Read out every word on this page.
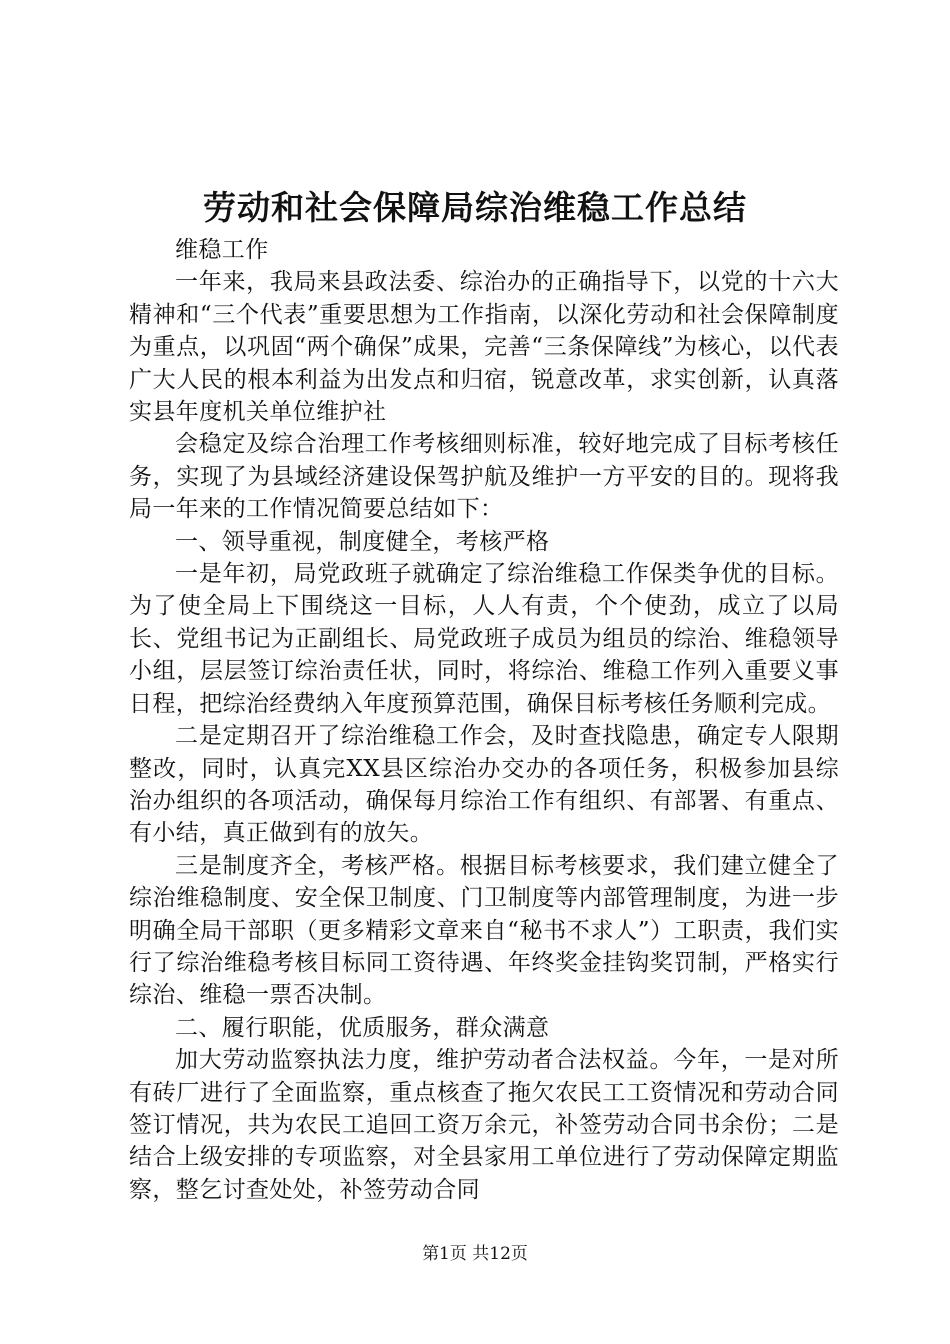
劳动和社会保障局综治维稳工作总结

维稳工作

一年来，我局来县政法委、综治办的正确指导下，以党的十六大精神和“三个代表”重要思想为工作指南，以深化劳动和社会保障制度为重点，以巩固“两个确保”成果，完善“三条保障线”为核心，以代表广大人民的根本利益为出发点和归宿，锐意改革，求实创新，认真落实县年度机关单位维护社

会稳定及综合治理工作考核细则标准，较好地完成了目标考核任务，实现了为县域经济建设保驾护航及维护一方平安的目的。现将我局一年来的工作情况简要总结如下：

一、领导重视，制度健全，考核严格

一是年初，局党政班子就确定了综治维稳工作保类争优的目标。为了使全局上下围绕这一目标，人人有责，个个使劲，成立了以局长、党组书记为正副组长、局党政班子成员为组员的综治、维稳领导小组，层层签订综治责任状，同时，将综治、维稳工作列入重要义事日程，把综治经费纳入年度预算范围，确保目标考核任务顺利完成。

二是定期召开了综治维稳工作会，及时查找隐患，确定专人限期整改，同时，认真完XX县区综治办交办的各项任务，积极参加县综治办组织的各项活动，确保每月综治工作有组织、有部署、有重点、有小结，真正做到有的放矢。

三是制度齐全，考核严格。根据目标考核要求，我们建立健全了综治维稳制度、安全保卫制度、门卫制度等内部管理制度，为进一步明确全局干部职（更多精彩文章来自“秘书不求人”）工职责，我们实行了综治维稳考核目标同工资待遇、年终奖金挂钩奖罚制，严格实行综治、维稳一票否决制。

二、履行职能，优质服务，群众满意

加大劳动监察执法力度，维护劳动者合法权益。今年，一是对所有砖厂进行了全面监察，重点核查了拖欠农民工工资情况和劳动合同签订情况，共为农民工追回工资万余元，补签劳动合同书余份；二是结合上级安排的专项监察，对全县家用工单位进行了劳动保障定期监察，整乞讨查处处，补签劳动合同

第1页 共12页
